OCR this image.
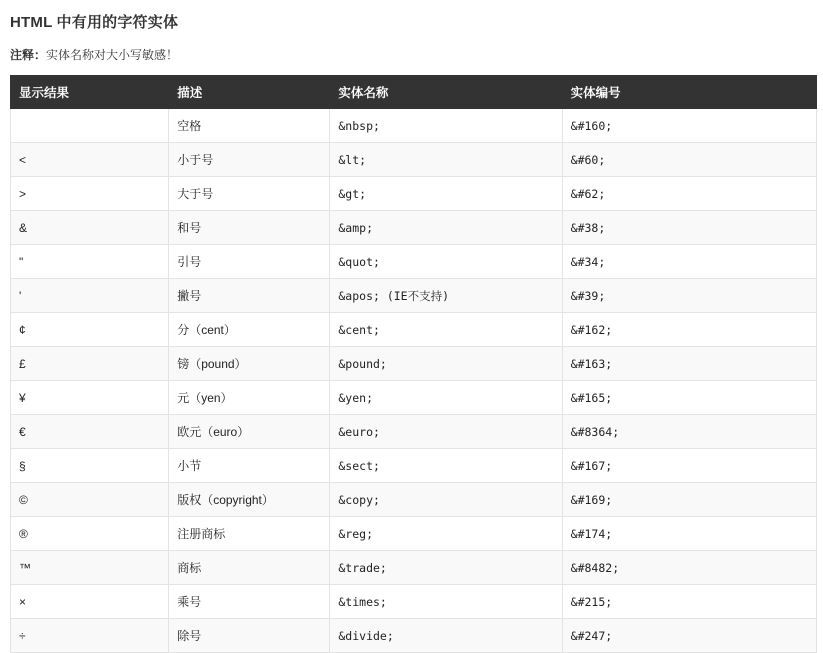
HTML 中有用的字符实体

注释：实体名称对大小写敏感！

显示结果	描述	实体名称	实体编号
	空格	&nbsp;	&#160;
<	小于号	&lt;	&#60;
>	大于号	&gt;	&#62;
&	和号	&amp;	&#38;
"	引号	&quot;	&#34;
'	撇号	&apos; (IE不支持)	&#39;
¢	分（cent）	&cent;	&#162;
£	镑（pound）	&pound;	&#163;
¥	元（yen）	&yen;	&#165;
€	欧元（euro）	&euro;	&#8364;
§	小节	&sect;	&#167;
©	版权（copyright）	&copy;	&#169;
®	注册商标	&reg;	&#174;
™	商标	&trade;	&#8482;
×	乘号	&times;	&#215;
÷	除号	&divide;	&#247;
